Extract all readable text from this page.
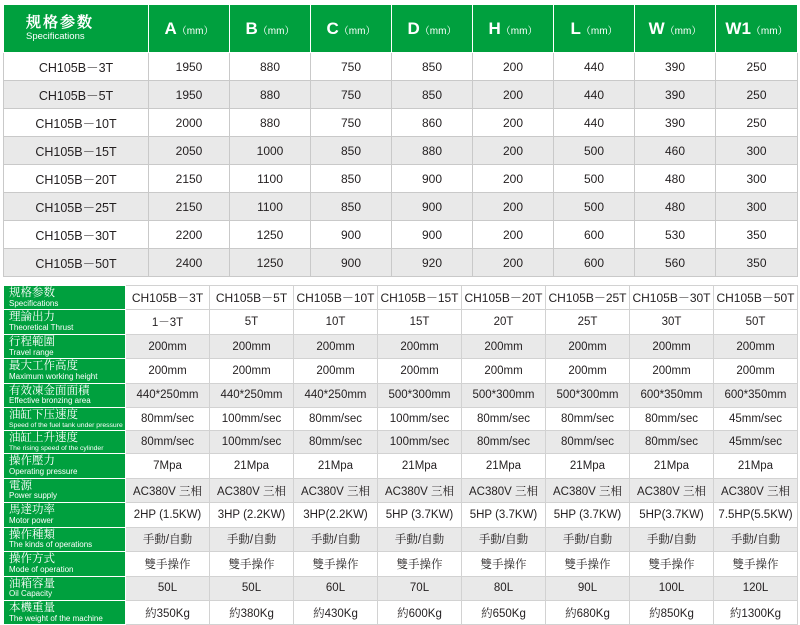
规格参数
Specifications	A（mm）	B（mm）	C（mm）	D（mm）	H（mm）	L（mm）	W（mm）	W1（mm）
CH105B－3T	1950	880	750	850	200	440	390	250
CH105B－5T	1950	880	750	850	200	440	390	250
CH105B－10T	2000	880	750	860	200	440	390	250
CH105B－15T	2050	1000	850	880	200	500	460	300
CH105B－20T	2150	1100	850	900	200	500	480	300
CH105B－25T	2150	1100	850	900	200	500	480	300
CH105B－30T	2200	1250	900	900	200	600	530	350
CH105B－50T	2400	1250	900	920	200	600	560	350
规格参数
Specifications	CH105B－3T	CH105B－5T	CH105B－10T	CH105B－15T	CH105B－20T	CH105B－25T	CH105B－30T	CH105B－50T

理論出力
Theoretical Thrust	1－3T	5T	10T	15T	20T	25T	30T	50T

行程範圍
Travel range	200mm	200mm	200mm	200mm	200mm	200mm	200mm	200mm

最大工作高度
Maximum working height	200mm	200mm	200mm	200mm	200mm	200mm	200mm	200mm

有效凍金面面積
Effective bronzing area	440*250mm	440*250mm	440*250mm	500*300mm	500*300mm	500*300mm	600*350mm	600*350mm

油缸下压速度
Speed of the fuel tank under pressure	80mm/sec	100mm/sec	80mm/sec	100mm/sec	80mm/sec	80mm/sec	80mm/sec	45mm/sec

油缸上升速度
The rising speed of the cylinder	80mm/sec	100mm/sec	80mm/sec	100mm/sec	80mm/sec	80mm/sec	80mm/sec	45mm/sec

操作壓力
Operating pressure	7Mpa	21Mpa	21Mpa	21Mpa	21Mpa	21Mpa	21Mpa	21Mpa

電源
Power supply	AC380V 三相	AC380V 三相	AC380V 三相	AC380V 三相	AC380V 三相	AC380V 三相	AC380V 三相	AC380V 三相

馬達功率
Motor power	2HP (1.5KW)	3HP (2.2KW)	3HP(2.2KW)	5HP (3.7KW)	5HP (3.7KW)	5HP (3.7KW)	5HP(3.7KW)	7.5HP(5.5KW)

操作種類
The kinds of operations	手動/自動	手動/自動	手動/自動	手動/自動	手動/自動	手動/自動	手動/自動	手動/自動

操作方式
Mode of operation	雙手操作	雙手操作	雙手操作	雙手操作	雙手操作	雙手操作	雙手操作	雙手操作

油箱容量
Oil Capacity	50L	50L	60L	70L	80L	90L	100L	120L

本機重量
The weight of the machine	約350Kg	約380Kg	約430Kg	約600Kg	約650Kg	約680Kg	約850Kg	約1300Kg
